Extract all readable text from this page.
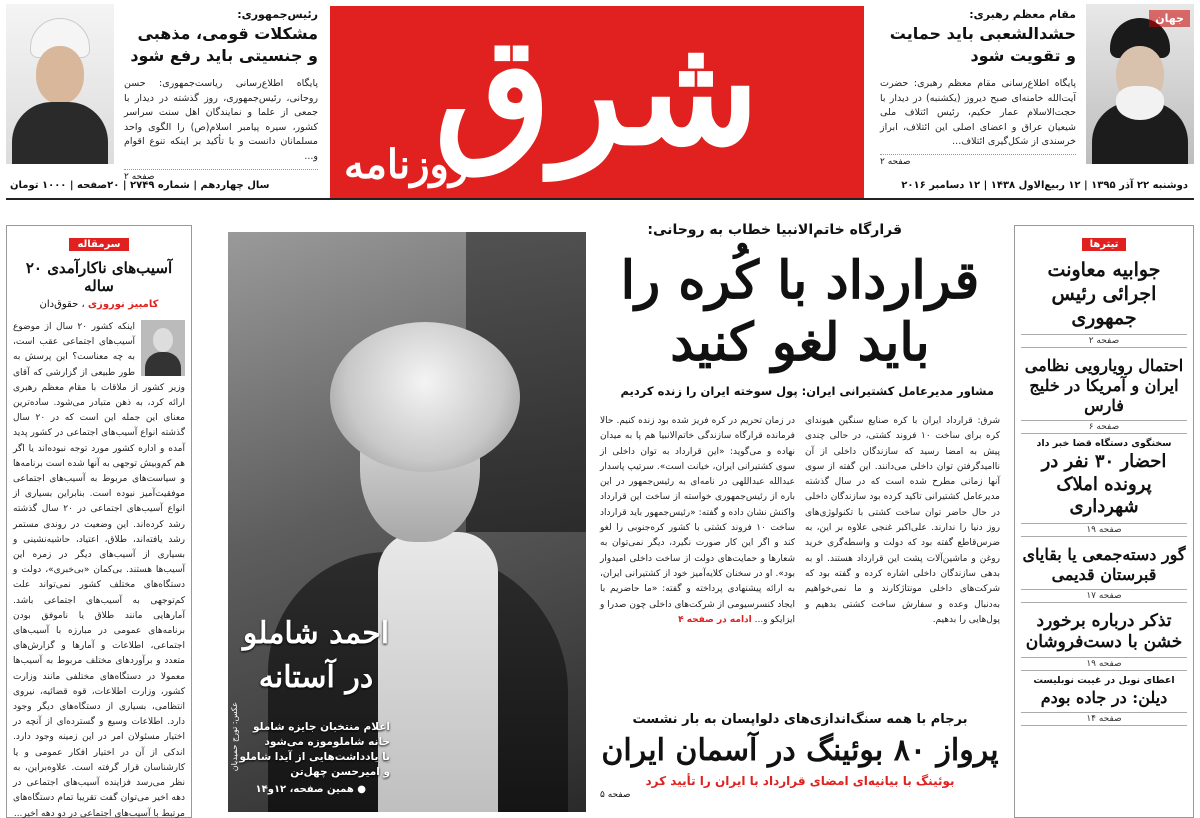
جهان
مقام معظم رهبری:
حشدالشعبی باید حمایت و تقویت شود
پایگاه اطلاع‌رسانی مقام معظم رهبری: حضرت آیت‌الله خامنه‌ای صبح دیروز (یکشنبه) در دیدار با حجت‌الاسلام عمار حکیم، رئیس ائتلاف ملی شیعیان عراق و اعضای اصلی این ائتلاف، ابراز خرسندی از شکل‌گیری ائتلاف...
صفحه ۲
شرق
روزنامه
رئیس‌جمهوری:
مشکلات قومی، مذهبی و جنسیتی باید رفع شود
پایگاه اطلاع‌رسانی ریاست‌جمهوری: حسن روحانی، رئیس‌جمهوری، روز گذشته در دیدار با جمعی از علما و نمایندگان اهل سنت سراسر کشور، سیره پیامبر اسلام(ص) را الگوی واحد مسلمانان دانست و با تأکید بر اینکه تنوع اقوام و...
صفحه ۲
دوشنبه ۲۲ آذر ۱۳۹۵ | ۱۲ ربیع‌الاول ۱۴۳۸ | ۱۲ دسامبر ۲۰۱۶
سال چهاردهم | شماره ۲۷۴۹ | ۲۰صفحه | ۱۰۰۰ تومان
تیترها
جوابیه معاونت اجرائی رئیس جمهوری
صفحه ۲
احتمال رویارویی نظامی ایران و آمریکا در خلیج فارس
صفحه ۶
سخنگوی دستگاه قضا خبر داد
احضار ۳۰ نفر در پرونده املاک شهرداری
صفحه ۱۹
گور دسته‌جمعی یا بقایای قبرستان قدیمی
صفحه ۱۷
تذکر درباره برخورد خشن با دست‌فروشان
صفحه ۱۹
اعطای نوبل در غیبت نوبلیست
دیلن: در جاده بودم
صفحه ۱۴
سرمقاله
آسیب‌های ناکارآمدی ۲۰ ساله
کامبیز نوروزی ، حقوق‌دان
اینکه کشور ۲۰ سال از موضوع آسیب‌های اجتماعی عقب است، به چه معناست؟ این پرسش به طور طبیعی از گزارشی که آقای وزیر کشور از ملاقات با مقام معظم رهبری ارائه کرد، به ذهن متبادر می‌شود. ساده‌ترین معنای این جمله این است که در ۲۰ سال گذشته انواع آسیب‌های اجتماعی در کشور پدید آمده و اداره کشور مورد توجه نبوده‌اند یا اگر هم کم‌وبیش توجهی به آنها شده است برنامه‌ها و سیاست‌های مربوط به آسیب‌های اجتماعی موفقیت‌آمیز نبوده است. بنابراین بسیاری از انواع آسیب‌های اجتماعی در ۲۰ سال گذشته رشد کرده‌اند. این وضعیت در روندی مستمر رشد یافته‌اند، طلاق، اعتیاد، حاشیه‌نشینی و بسیاری از آسیب‌های دیگر در زمره این آسیب‌ها هستند. بی‌کمان «بی‌خبری»، دولت و دستگاه‌های مختلف کشور نمی‌تواند علت کم‌توجهی به آسیب‌های اجتماعی باشد. آمارهایی مانند طلاق یا ناموفق بودن برنامه‌های عمومی در مبارزه با آسیب‌های اجتماعی، اطلاعات و آمارها و گزارش‌های متعدد و برآوردهای مختلف مربوط به آسیب‌ها معمولا در دستگاه‌های مختلفی مانند وزارت کشور، وزارت اطلاعات، قوه قضائیه، نیروی انتظامی، بسیاری از دستگاه‌های دیگر وجود دارد. اطلاعات وسیع و گسترده‌ای از آنچه در اختیار مسئولان امر در این زمینه وجود دارد. اندکی از آن در اختیار افکار عمومی و یا کارشناسان قرار گرفته است. علاوه‌براین، به نظر می‌رسد فزاینده آسیب‌های اجتماعی در دهه اخیر می‌توان گفت تقریبا تمام دستگاه‌های مرتبط با آسیب‌های اجتماعی در دو دهه اخیر...
احمد شاملو
در آستانه
اعلام منتخبان جایزه شاملو
خانه شاملوموزه می‌شود
با یادداشت‌هایی از آیدا شاملو و امیرحسن چهل‌تن
● همین صفحه، ۱۲و۱۴
عکس: تورج حمیدیان
قرارگاه خاتم‌الانبیا خطاب به روحانی:
قرارداد با کُره را
باید لغو کنید
مشاور مدیرعامل کشتیرانی ایران: پول سوخته ایران را زنده کردیم
شرق: قرارداد ایران با کره صنایع سنگین هیوندای کره برای ساخت ۱۰ فروند کشتی، در حالی چندی پیش به امضا رسید که سازندگان داخلی از آن ناامیدگرفتن توان داخلی می‌دانند. این گفته از سوی آنها زمانی مطرح شده است که در سال گذشته مدیرعامل کشتیرانی تاکید کرده بود سازندگان داخلی در حال حاضر توان ساخت کشتی با تکنولوژی‌های روز دنیا را ندارند. علی‌اکبر غنجی علاوه بر این، به ضرس‌قاطع گفته بود که دولت و واسطه‌گری خرید روغن و ماشین‌آلات پشت این قرارداد هستند. او به بدهی سازندگان داخلی اشاره کرده و گفته بود که شرکت‌های داخلی مونتاژکارند و ما نمی‌خواهیم به‌دنبال وعده و سفارش ساخت کشتی بدهیم و پول‌هایی را بدهیم.
در زمان تحریم در کره فریز شده بود زنده کنیم. حالا فرمانده قرارگاه سازندگی خاتم‌الانبیا هم پا به میدان نهاده و می‌گوید: «این قرارداد به توان داخلی از سوی کشتیرانی ایران، خیانت است». سرتیپ پاسدار عبدالله عبداللهی در نامه‌ای به رئیس‌جمهور در این باره از رئیس‌جمهوری خواسته از ساخت این قرارداد واکنش نشان داده و گفته: «رئیس‌جمهور باید قرارداد ساخت ۱۰ فروند کشتی با کشور کره‌جنوبی را لغو کند و اگر این کار صورت نگیرد، دیگر نمی‌توان به شعارها و حمایت‌های دولت از ساخت داخلی امیدوار بود». او در سخنان کلایه‌آمیز خود از کشتیرانی ایران، به ارائه پیشنهادی پرداخته و گفته: «ما حاضریم با ایجاد کنسرسیومی از شرکت‌های داخلی چون صدرا و ایزایکو و... ادامه در صفحه ۴
برجام با همه سنگ‌اندازی‌های دلواپسان به بار نشست
پرواز ۸۰ بوئینگ در آسمان ایران
بوئینگ با بیانیه‌ای امضای قرارداد با ایران را تأیید کرد
صفحه ۵
